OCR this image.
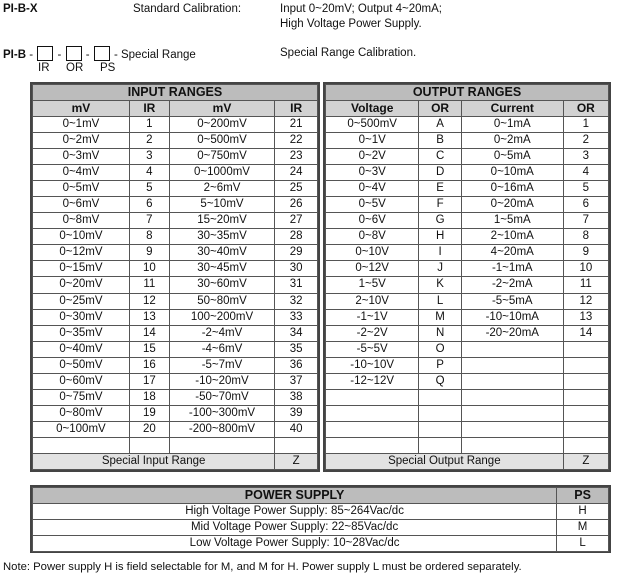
PI-B-X	Standard Calibration:	Input 0~20mV; Output 4~20mA;
High Voltage Power Supply.
PI-B - - - - Special Range
IR OR PS
Special Range Calibration.
INPUT RANGES			
mV	IR	mV	IR
0~1mV	1	0~200mV	21
0~2mV	2	0~500mV	22
0~3mV	3	0~750mV	23
0~4mV	4	0~1000mV	24
0~5mV	5	2~6mV	25
0~6mV	6	5~10mV	26
0~8mV	7	15~20mV	27
0~10mV	8	30~35mV	28
0~12mV	9	30~40mV	29
0~15mV	10	30~45mV	30
0~20mV	11	30~60mV	31
0~25mV	12	50~80mV	32
0~30mV	13	100~200mV	33
0~35mV	14	-2~4mV	34
0~40mV	15	-4~6mV	35
0~50mV	16	-5~7mV	36
0~60mV	17	-10~20mV	37
0~75mV	18	-50~70mV	38
0~80mV	19	-100~300mV	39
0~100mV	20	-200~800mV	40

Special Input Range			Z
OUTPUT RANGES			
Voltage	OR	Current	OR
0~500mV	A	0~1mA	1
0~1V	B	0~2mA	2
0~2V	C	0~5mA	3
0~3V	D	0~10mA	4
0~4V	E	0~16mA	5
0~5V	F	0~20mA	6
0~6V	G	1~5mA	7
0~8V	H	2~10mA	8
0~10V	I	4~20mA	9
0~12V	J	-1~1mA	10
1~5V	K	-2~2mA	11
2~10V	L	-5~5mA	12
-1~1V	M	-10~10mA	13
-2~2V	N	-20~20mA	14
-5~5V	O		
-10~10V	P		
-12~12V	Q		

Special Output Range			Z
POWER SUPPLY	PS
High Voltage Power Supply: 85~264Vac/dc	H
Mid Voltage Power Supply: 22~85Vac/dc	M
Low Voltage Power Supply: 10~28Vac/dc	L
Note: Power supply H is field selectable for M, and M for H. Power supply L must be ordered separately.
